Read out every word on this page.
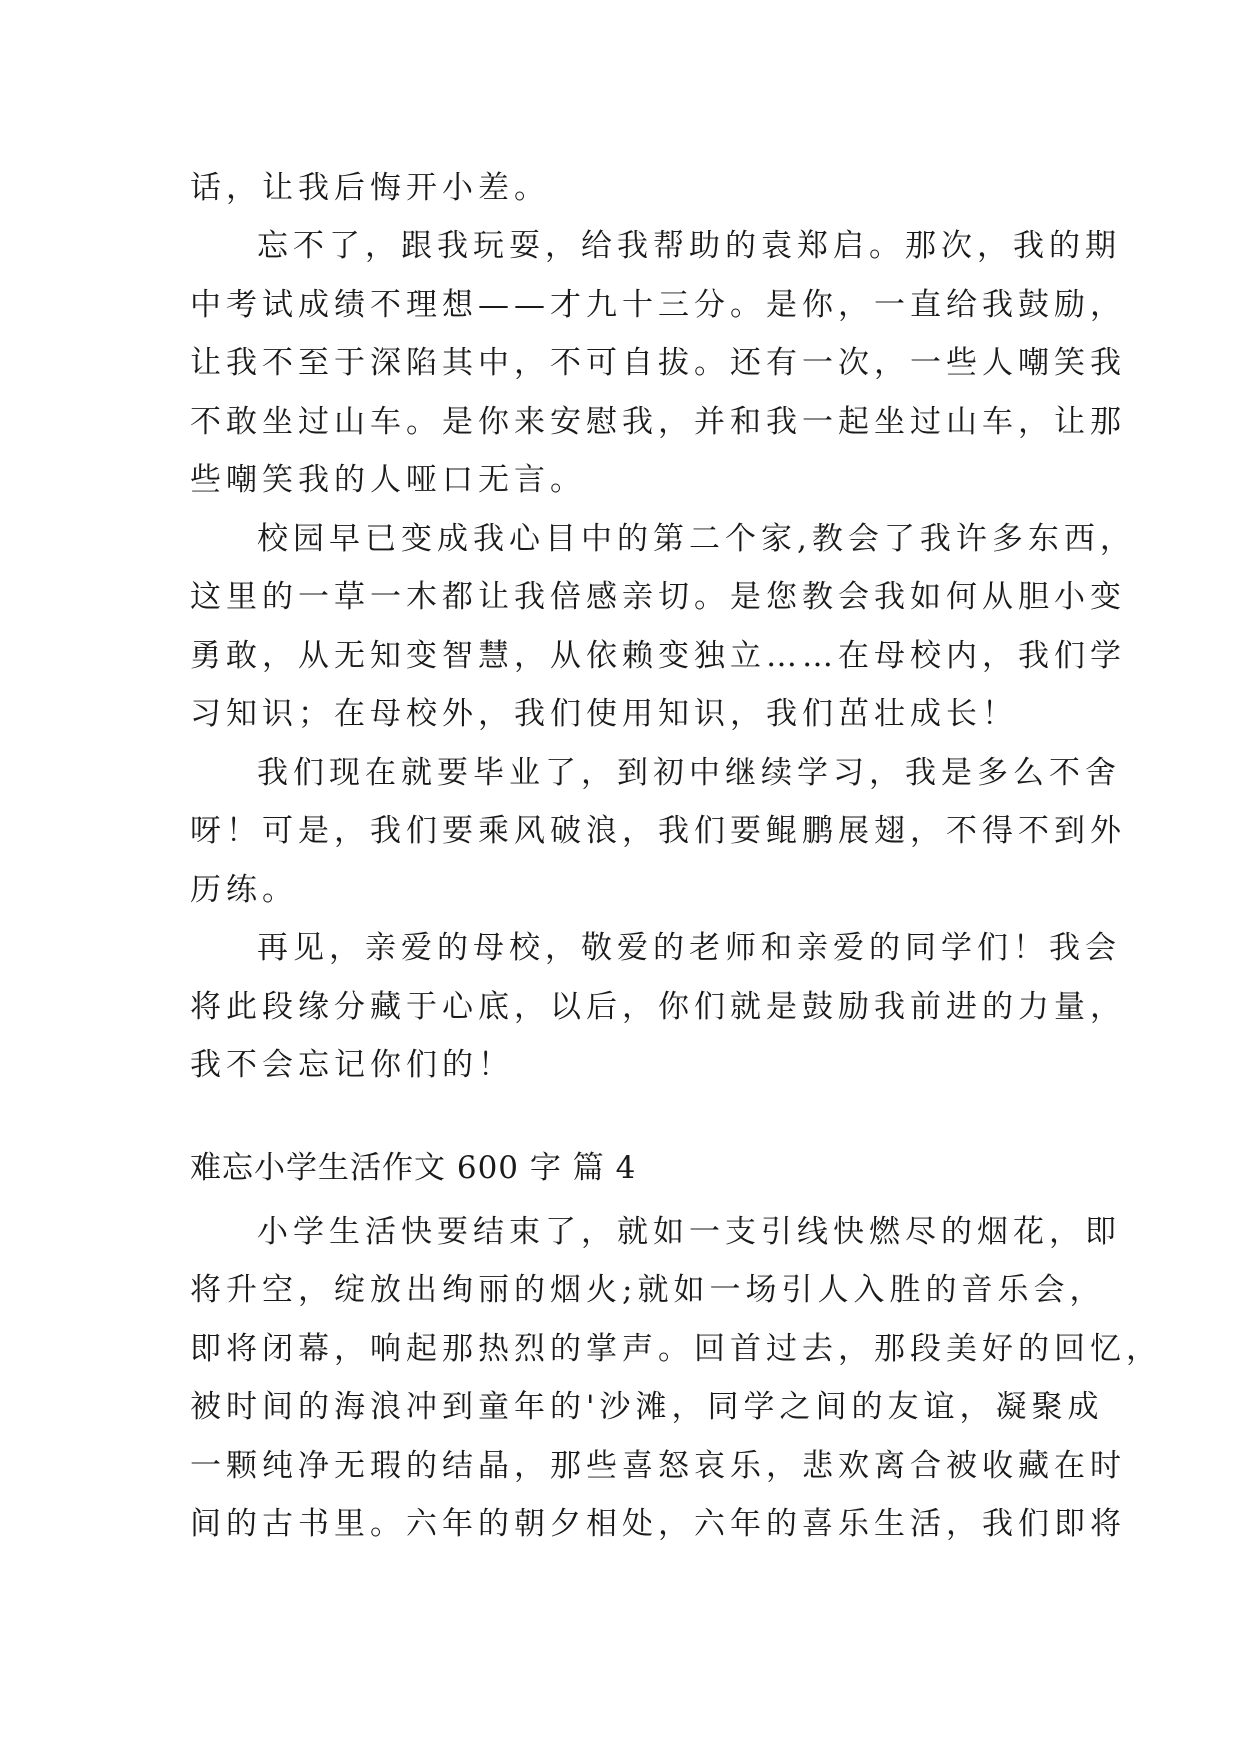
话，让我后悔开小差。
忘不了，跟我玩耍，给我帮助的袁郑启。那次，我的期
中考试成绩不理想——才九十三分。是你，一直给我鼓励，
让我不至于深陷其中，不可自拔。还有一次，一些人嘲笑我
不敢坐过山车。是你来安慰我，并和我一起坐过山车，让那
些嘲笑我的人哑口无言。
校园早已变成我心目中的第二个家,教会了我许多东西，
这里的一草一木都让我倍感亲切。是您教会我如何从胆小变
勇敢，从无知变智慧，从依赖变独立……在母校内，我们学
习知识；在母校外，我们使用知识，我们茁壮成长！
我们现在就要毕业了，到初中继续学习，我是多么不舍
呀！可是，我们要乘风破浪，我们要鲲鹏展翅，不得不到外
历练。
再见，亲爱的母校，敬爱的老师和亲爱的同学们！我会
将此段缘分藏于心底，以后，你们就是鼓励我前进的力量，
我不会忘记你们的！
难忘小学生活作文 600 字 篇 4
小学生活快要结束了，就如一支引线快燃尽的烟花，即
将升空，绽放出绚丽的烟火;就如一场引人入胜的音乐会，
即将闭幕，响起那热烈的掌声。回首过去，那段美好的回忆，
被时间的海浪冲到童年的'沙滩，同学之间的友谊，凝聚成
一颗纯净无瑕的结晶，那些喜怒哀乐，悲欢离合被收藏在时
间的古书里。六年的朝夕相处，六年的喜乐生活，我们即将
